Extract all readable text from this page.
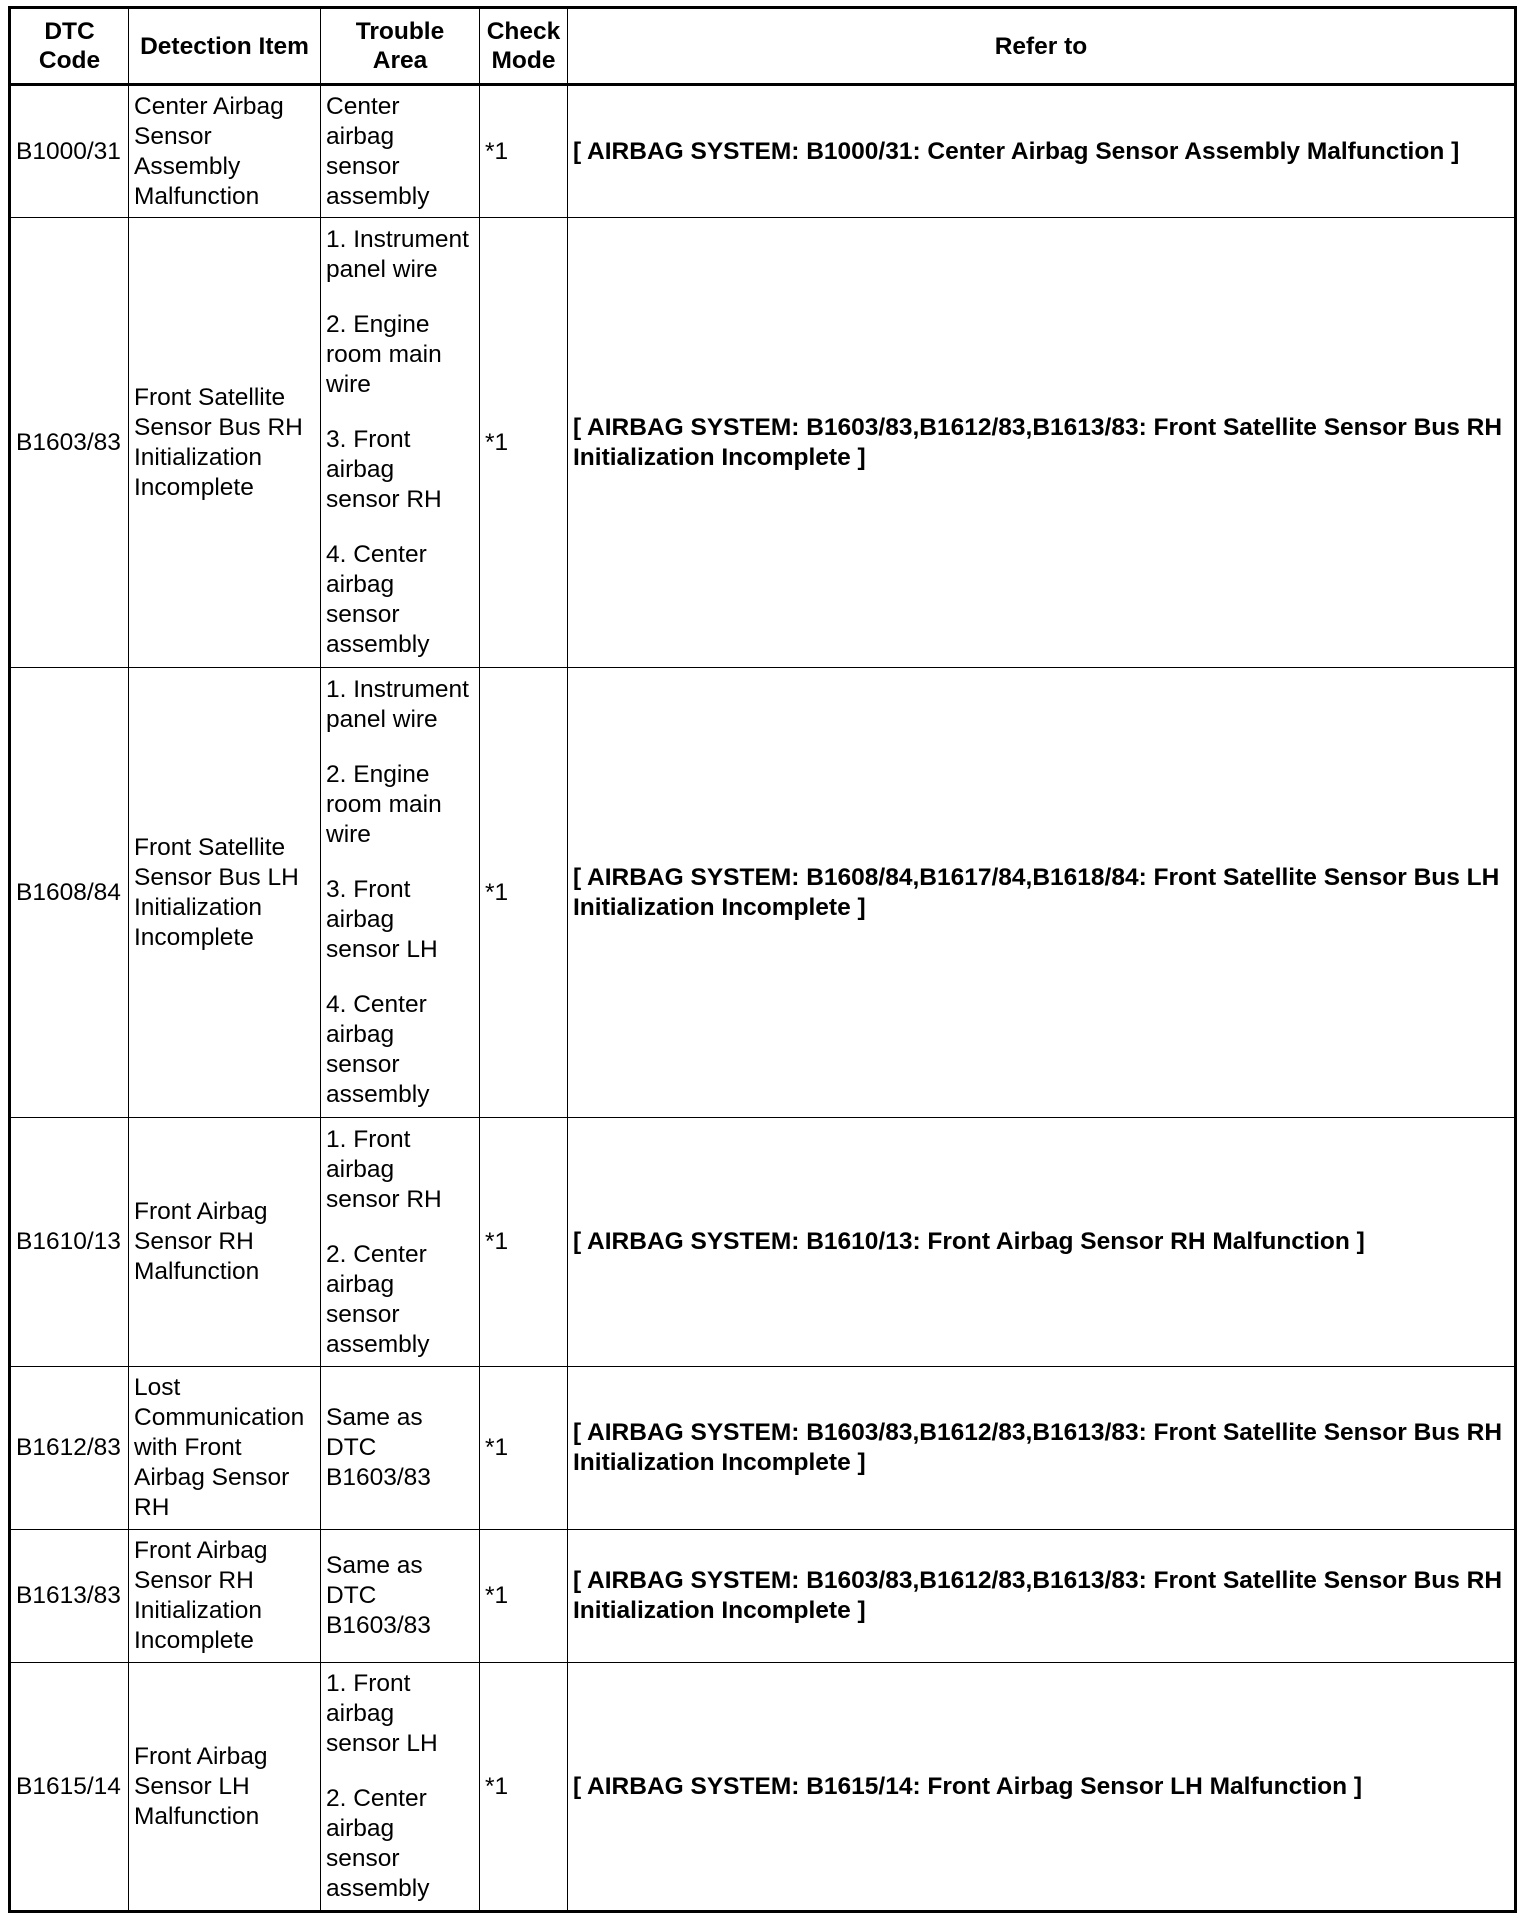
DTC Code	Detection Item	Trouble Area	Check Mode	Refer to
B1000/31	Center Airbag Sensor Assembly Malfunction	Center airbag sensor assembly	*1	[ AIRBAG SYSTEM: B1000/31: Center Airbag Sensor Assembly Malfunction ]
B1603/83	Front Satellite Sensor Bus RH Initialization Incomplete	1. Instrument panel wire

2. Engine room main wire

3. Front airbag sensor RH

4. Center airbag sensor assembly	*1	[ AIRBAG SYSTEM: B1603/83,B1612/83,B1613/83: Front Satellite Sensor Bus RH Initialization Incomplete ]
B1608/84	Front Satellite Sensor Bus LH Initialization Incomplete	1. Instrument panel wire

2. Engine room main wire

3. Front airbag sensor LH

4. Center airbag sensor assembly	*1	[ AIRBAG SYSTEM: B1608/84,B1617/84,B1618/84: Front Satellite Sensor Bus LH Initialization Incomplete ]
B1610/13	Front Airbag Sensor RH Malfunction	1. Front airbag sensor RH

2. Center airbag sensor assembly	*1	[ AIRBAG SYSTEM: B1610/13: Front Airbag Sensor RH Malfunction ]
B1612/83	Lost Communication with Front Airbag Sensor RH	Same as DTC B1603/83	*1	[ AIRBAG SYSTEM: B1603/83,B1612/83,B1613/83: Front Satellite Sensor Bus RH Initialization Incomplete ]
B1613/83	Front Airbag Sensor RH Initialization Incomplete	Same as DTC B1603/83	*1	[ AIRBAG SYSTEM: B1603/83,B1612/83,B1613/83: Front Satellite Sensor Bus RH Initialization Incomplete ]
B1615/14	Front Airbag Sensor LH Malfunction	1. Front airbag sensor LH

2. Center airbag sensor assembly	*1	[ AIRBAG SYSTEM: B1615/14: Front Airbag Sensor LH Malfunction ]
